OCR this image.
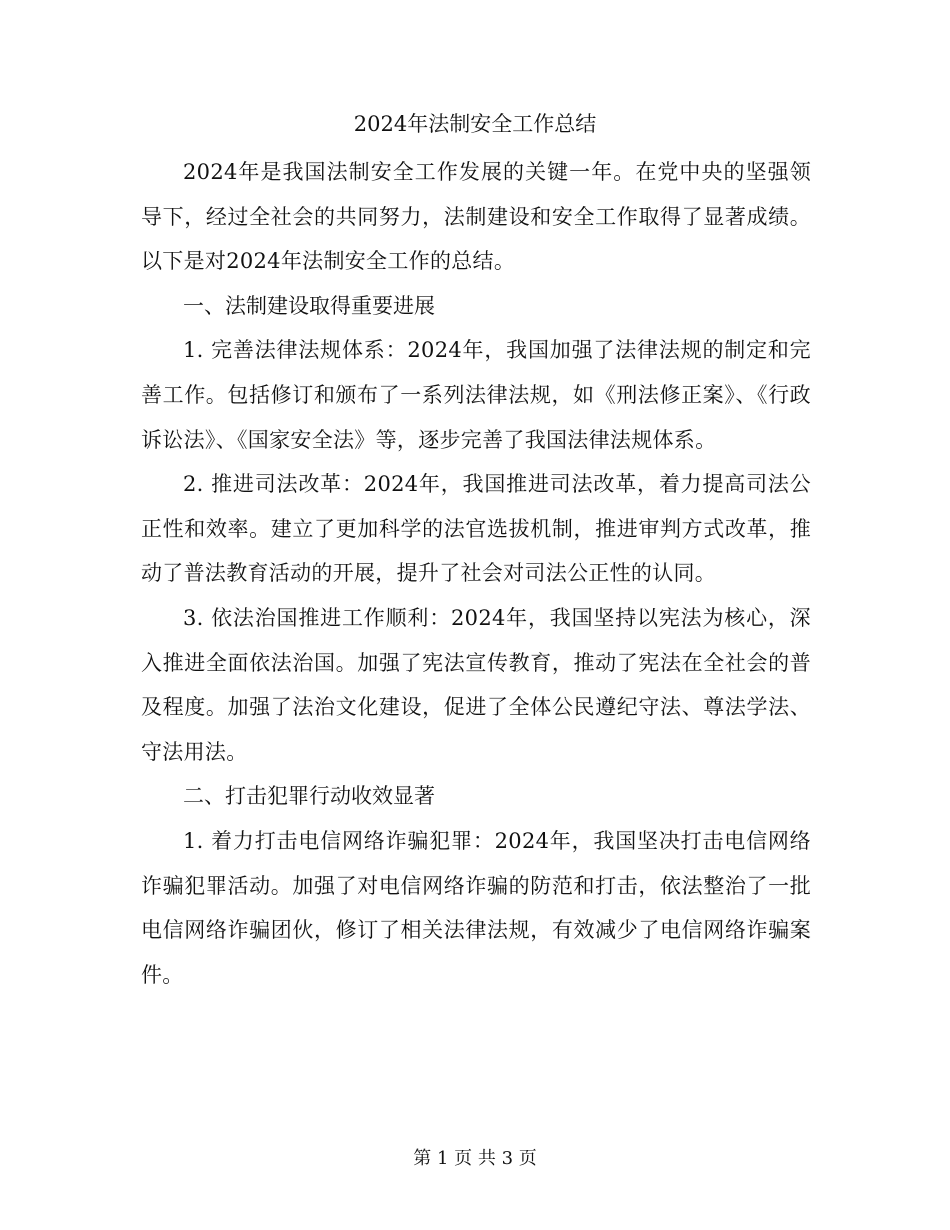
2024年法制安全工作总结

2024年是我国法制安全工作发展的关键一年。在党中央的坚强领导下，经过全社会的共同努力，法制建设和安全工作取得了显著成绩。以下是对2024年法制安全工作的总结。

一、法制建设取得重要进展

1. 完善法律法规体系：2024年，我国加强了法律法规的制定和完善工作。包括修订和颁布了一系列法律法规，如《刑法修正案》、《行政诉讼法》、《国家安全法》等，逐步完善了我国法律法规体系。

2. 推进司法改革：2024年，我国推进司法改革，着力提高司法公正性和效率。建立了更加科学的法官选拔机制，推进审判方式改革，推动了普法教育活动的开展，提升了社会对司法公正性的认同。

3. 依法治国推进工作顺利：2024年，我国坚持以宪法为核心，深入推进全面依法治国。加强了宪法宣传教育，推动了宪法在全社会的普及程度。加强了法治文化建设，促进了全体公民遵纪守法、尊法学法、守法用法。

二、打击犯罪行动收效显著

1. 着力打击电信网络诈骗犯罪：2024年，我国坚决打击电信网络诈骗犯罪活动。加强了对电信网络诈骗的防范和打击，依法整治了一批电信网络诈骗团伙，修订了相关法律法规，有效减少了电信网络诈骗案件。

第 1 页 共 3 页
